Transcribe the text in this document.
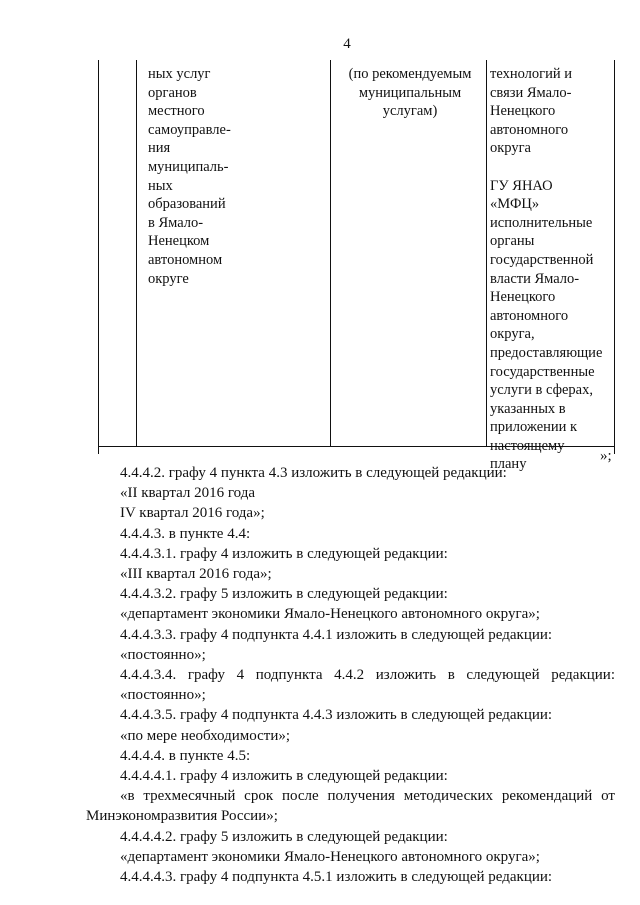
4
ных услуг
органов
местного
самоуправле-
ния
муниципаль-
ных
образований
в Ямало-
Ненецком
автономном
округе
(по рекомендуемым
муниципальным
услугам)
технологий и
связи Ямало-
Ненецкого
автономного
округа

ГУ ЯНАО
«МФЦ»
исполнительные
органы
государственной
власти Ямало-
Ненецкого
автономного
округа,
предоставляющие
государственные
услуги в сферах,
указанных в
приложении к
настоящему
плану
»;
4.4.4.2. графу 4 пункта 4.3 изложить в следующей редакции:
«II квартал 2016 года
IV квартал 2016 года»;
4.4.4.3. в пункте 4.4:
4.4.4.3.1. графу 4 изложить в следующей редакции:
«III квартал 2016 года»;
4.4.4.3.2. графу 5 изложить в следующей редакции:
«департамент экономики Ямало-Ненецкого автономного округа»;
4.4.4.3.3. графу 4 подпункта 4.4.1 изложить в следующей редакции:
«постоянно»;
4.4.4.3.4. графу 4 подпункта 4.4.2 изложить в следующей редакции:
«постоянно»;
4.4.4.3.5. графу 4 подпункта 4.4.3 изложить в следующей редакции:
«по мере необходимости»;
4.4.4.4. в пункте 4.5:
4.4.4.4.1. графу 4 изложить в следующей редакции:
«в трехмесячный срок после получения методических рекомендаций от
Минэкономразвития России»;
4.4.4.4.2. графу 5 изложить в следующей редакции:
«департамент экономики Ямало-Ненецкого автономного округа»;
4.4.4.4.3. графу 4 подпункта 4.5.1 изложить в следующей редакции:
